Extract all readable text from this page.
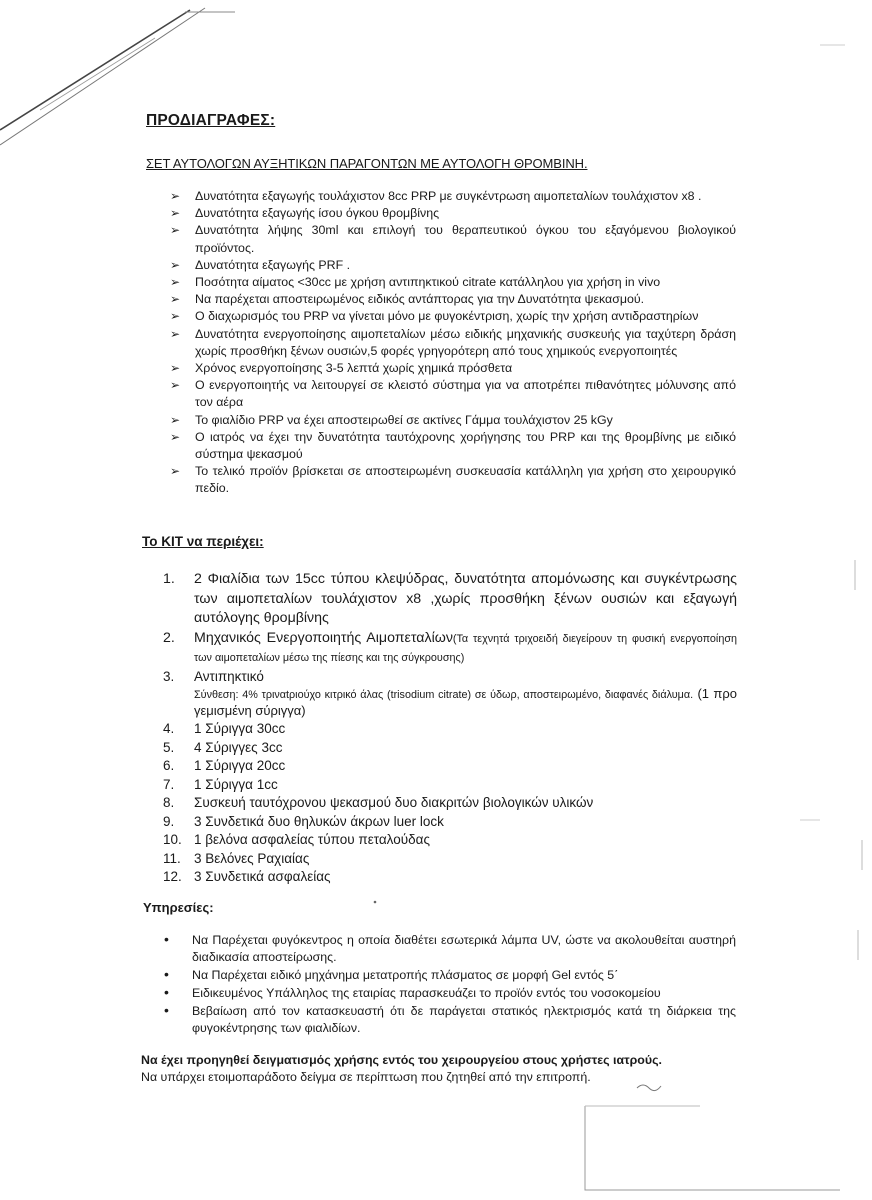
ΠΡΟΔΙΑΓΡΑΦΕΣ:

ΣΕΤ ΑΥΤΟΛΟΓΩΝ ΑΥΞΗΤΙΚΩΝ ΠΑΡΑΓΟΝΤΩΝ ΜΕ ΑΥΤΟΛΟΓΗ ΘΡΟΜΒΙΝΗ.

➢ Δυνατότητα εξαγωγής τουλάχιστον 8cc PRP με συγκέντρωση αιμοπεταλίων τουλάχιστον x8 .
➢ Δυνατότητα εξαγωγής ίσου όγκου θρομβίνης
➢ Δυνατότητα λήψης 30ml και επιλογή του θεραπευτικού όγκου του εξαγόμενου βιολογικού προϊόντος.
➢ Δυνατότητα εξαγωγής PRF .
➢ Ποσότητα αίματος <30cc με χρήση αντιπηκτικού citrate κατάλληλου για χρήση in vivo
➢ Να παρέχεται αποστειρωμένος ειδικός αντάπτορας για την Δυνατότητα ψεκασμού.
➢ Ο διαχωρισμός του PRP να γίνεται μόνο με φυγοκέντριση, χωρίς την χρήση αντιδραστηρίων
➢ Δυνατότητα ενεργοποίησης αιμοπεταλίων μέσω ειδικής μηχανικής συσκευής για ταχύτερη δράση χωρίς προσθήκη ξένων ουσιών,5 φορές γρηγορότερη από τους χημικούς ενεργοποιητές
➢ Χρόνος ενεργοποίησης 3-5 λεπτά χωρίς χημικά πρόσθετα
➢ Ο ενεργοποιητής να λειτουργεί σε κλειστό σύστημα για να αποτρέπει πιθανότητες μόλυνσης από τον αέρα
➢ Το φιαλίδιο PRP να έχει αποστειρωθεί σε ακτίνες Γάμμα τουλάχιστον 25 kGy
➢ Ο ιατρός να έχει την δυνατότητα ταυτόχρονης χορήγησης του PRP και της θρομβίνης με ειδικό σύστημα ψεκασμού
➢ Το τελικό προϊόν βρίσκεται σε αποστειρωμένη συσκευασία κατάλληλη για χρήση στο χειρουργικό πεδίο.
Το KIT να περιέχει:
1. 2 Φιαλίδια των 15cc τύπου κλεψύδρας, δυνατότητα απομόνωσης και συγκέντρωσης των αιμοπεταλίων τουλάχιστον x8 ,χωρίς προσθήκη ξένων ουσιών και εξαγωγή αυτόλογης θρομβίνης
2. Μηχανικός Ενεργοποιητής Αιμοπεταλίων(Τα τεχνητά τριχοειδή διεγείρουν τη φυσική ενεργοποίηση των αιμοπεταλίων μέσω της πίεσης και της σύγκρουσης)
3. Αντιπηκτικό
Σύνθεση: 4% τριναtριούχο κιτρικό άλας (trisodium citrate) σε ύδωρ, αποστειρωμένο, διαφανές διάλυμα. (1 προ γεμισμένη σύριγγα)
4. 1 Σύριγγα 30cc
5. 4 Σύριγγες 3cc
6. 1 Σύριγγα 20cc
7. 1 Σύριγγα 1cc
8. Συσκευή ταυτόχρονου ψεκασμού δυο διακριτών βιολογικών υλικών
9. 3 Συνδετικά δυο θηλυκών άκρων luer lock
10. 1 βελόνα ασφαλείας τύπου πεταλούδας
11. 3 Βελόνες Ραχιαίας
12. 3 Συνδετικά ασφαλείας
Υπηρεσίες:
• Να Παρέχεται φυγόκεντρος η οποία διαθέτει εσωτερικά λάμπα UV, ώστε να ακολουθείται αυστηρή διαδικασία αποστείρωσης.
• Να Παρέχεται ειδικό μηχάνημα μετατροπής πλάσματος σε μορφή Gel εντός 5΄
• Ειδικευμένος Υπάλληλος της εταιρίας παρασκευάζει το προϊόν εντός του νοσοκομείου
• Βεβαίωση από τον κατασκευαστή ότι δε παράγεται στατικός ηλεκτρισμός κατά τη διάρκεια της φυγοκέντρησης των φιαλιδίων.

Να έχει προηγηθεί δειγματισμός χρήσης εντός του χειρουργείου στους χρήστες ιατρούς.

Να υπάρχει ετοιμοπαράδοτο δείγμα σε περίπτωση που ζητηθεί από την επιτροπή.
